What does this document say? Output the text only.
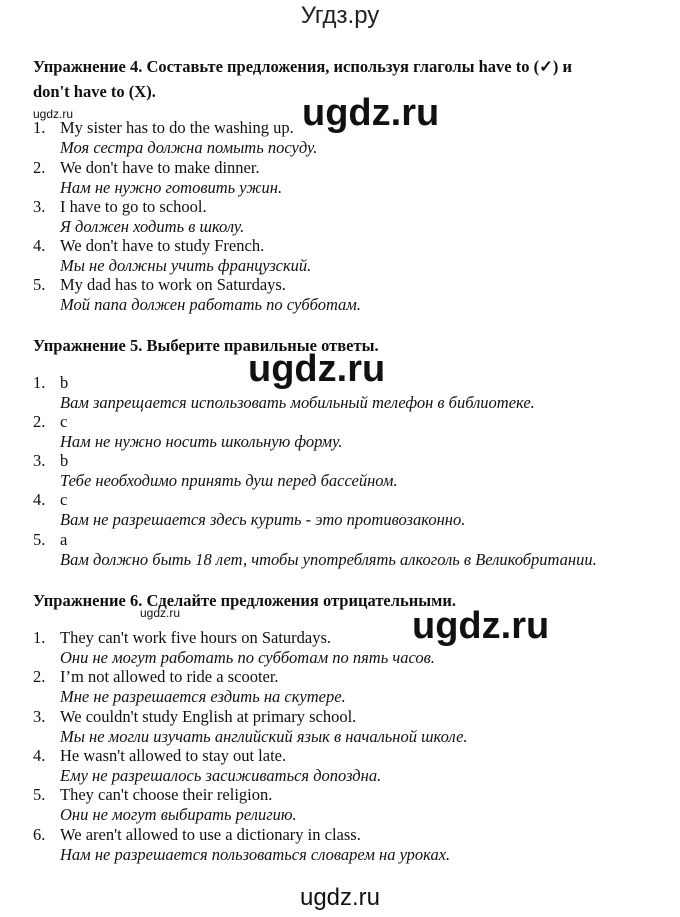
Угдз.ру
Упражнение 4. Составьте предложения, используя глаголы have to (✓) и
don't have to (X).
ugdz.ru	ugdz.ru
1. My sister has to do the washing up.
Моя сестра должна помыть посуду.
2. We don't have to make dinner.
Нам не нужно готовить ужин.
3. I have to go to school.
Я должен ходить в школу.
4. We don't have to study French.
Мы не должны учить французский.
5. My dad has to work on Saturdays.
Мой папа должен работать по субботам.
Упражнение 5. Выберите правильные ответы.
ugdz.ru
1. b
Вам запрещается использовать мобильный телефон в библиотеке.
2. c
Нам не нужно носить школьную форму.
3. b
Тебе необходимо принять душ перед бассейном.
4. c
Вам не разрешается здесь курить - это противозаконно.
5. a
Вам должно быть 18 лет, чтобы употреблять алкоголь в Великобритании.
Упражнение 6. Сделайте предложения отрицательными.
ugdz.ru	ugdz.ru
1. They can't work five hours on Saturdays.
Они не могут работать по субботам по пять часов.
2. I’m not allowed to ride a scooter.
Мне не разрешается ездить на скутере.
3. We couldn't study English at primary school.
Мы не могли изучать английский язык в начальной школе.
4. He wasn't allowed to stay out late.
Ему не разрешалось засиживаться допоздна.
5. They can't choose their religion.
Они не могут выбирать религию.
6. We aren't allowed to use a dictionary in class.
Нам не разрешается пользоваться словарем на уроках.
ugdz.ru
